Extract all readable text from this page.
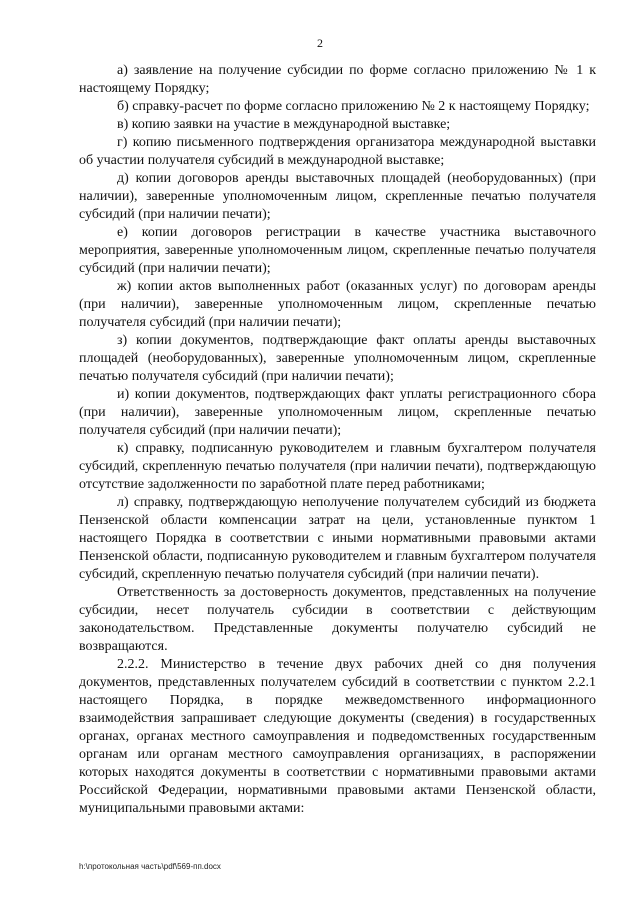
2

а) заявление на получение субсидии по форме согласно приложению № 1 к настоящему Порядку;

б) справку-расчет по форме согласно приложению № 2 к настоящему Порядку;

в) копию заявки на участие в международной выставке;

г) копию письменного подтверждения организатора международной выставки об участии получателя субсидий в международной выставке;

д) копии договоров аренды выставочных площадей (необорудованных) (при наличии), заверенные уполномоченным лицом, скрепленные печатью получателя субсидий (при наличии печати);

е) копии договоров регистрации в качестве участника выставочного мероприятия, заверенные уполномоченным лицом, скрепленные печатью получателя субсидий (при наличии печати);

ж) копии актов выполненных работ (оказанных услуг) по договорам аренды (при наличии), заверенные уполномоченным лицом, скрепленные печатью получателя субсидий (при наличии печати);

з) копии документов, подтверждающие факт оплаты аренды выставочных площадей (необорудованных), заверенные уполномоченным лицом, скрепленные печатью получателя субсидий (при наличии печати);

и) копии документов, подтверждающих факт уплаты регистрационного сбора (при наличии), заверенные уполномоченным лицом, скрепленные печатью получателя субсидий (при наличии печати);

к) справку, подписанную руководителем и главным бухгалтером получателя субсидий, скрепленную печатью получателя (при наличии печати), подтверждающую отсутствие задолженности по заработной плате перед работниками;

л) справку, подтверждающую неполучение получателем субсидий из бюджета Пензенской области компенсации затрат на цели, установленные пунктом 1 настоящего Порядка в соответствии с иными нормативными правовыми актами Пензенской области, подписанную руководителем и главным бухгалтером получателя субсидий, скрепленную печатью получателя субсидий (при наличии печати).

Ответственность за достоверность документов, представленных на получение субсидии, несет получатель субсидии в соответствии с действующим законодательством. Представленные документы получателю субсидий не возвращаются.

2.2.2. Министерство в течение двух рабочих дней со дня получения документов, представленных получателем субсидий в соответствии с пунктом 2.2.1 настоящего Порядка, в порядке межведомственного информационного взаимодействия запрашивает следующие документы (сведения) в государственных органах, органах местного самоуправления и подведомственных государственным органам или органам местного самоуправления организациях, в распоряжении которых находятся документы в соответствии с нормативными правовыми актами Российской Федерации, нормативными правовыми актами Пензенской области, муниципальными правовыми актами:

h:\протокольная часть\pdf\569-пп.docx
